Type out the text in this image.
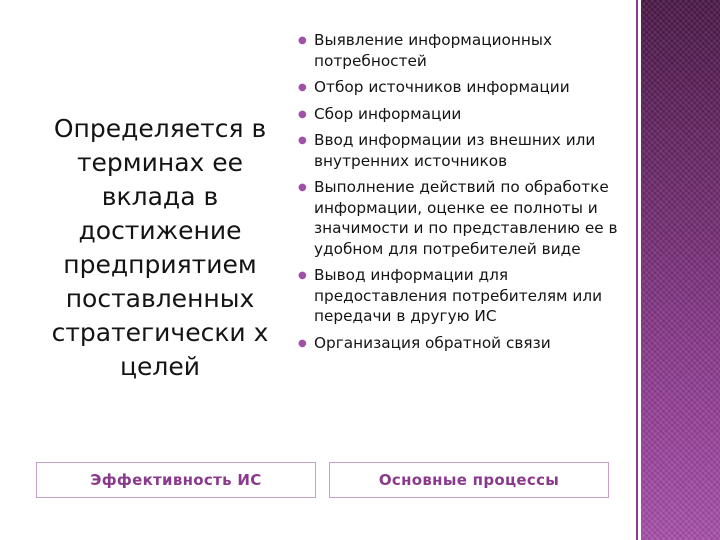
Определяется в терминах ее вклада в достижение предприятием поставленных стратегически х целей
● Выявление информационных потребностей
● Отбор источников информации
● Сбор информации
● Ввод информации из внешних или внутренних источников
● Выполнение действий по обработке информации, оценке ее полноты и значимости и по представлению ее в удобном для потребителей виде
● Вывод информации для предоставления потребителям или передачи в другую ИС
● Организация обратной связи
Эффективность ИС	Основные процессы
